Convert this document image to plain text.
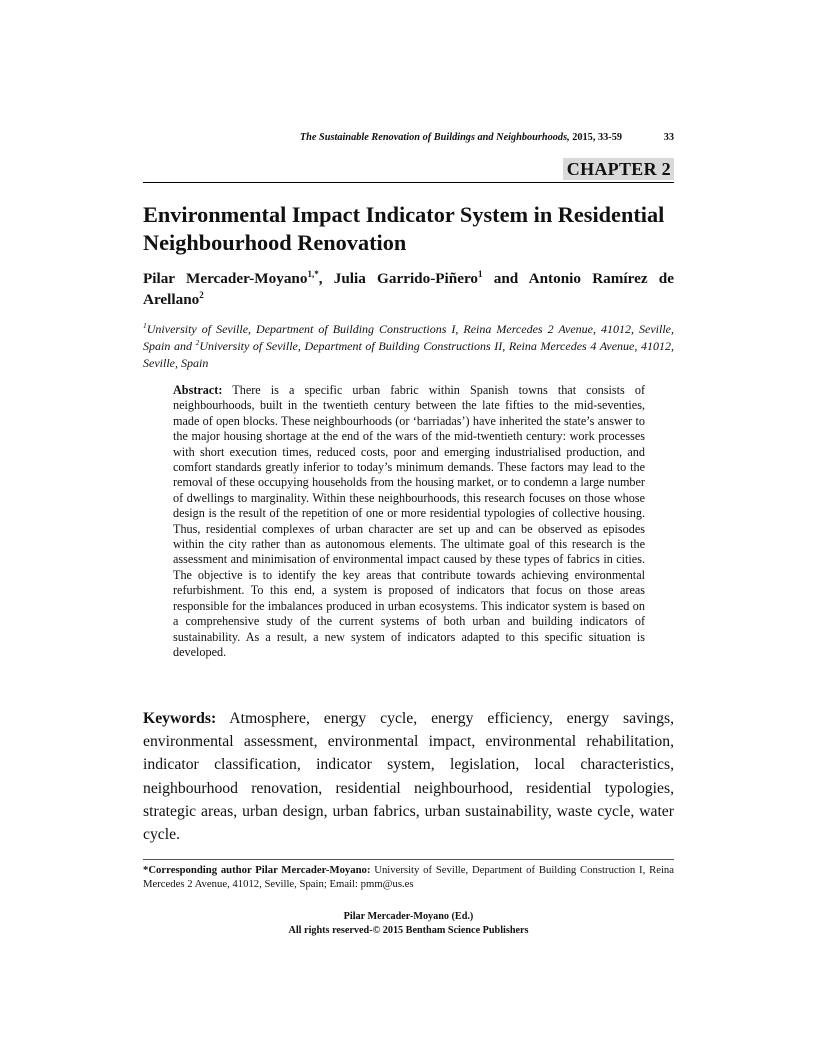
The Sustainable Renovation of Buildings and Neighbourhoods, 2015, 33-59	33
CHAPTER 2
Environmental Impact Indicator System in Residential Neighbourhood Renovation
Pilar Mercader-Moyano$^{1,*}$, Julia Garrido-Piñero$^1$ and Antonio Ramírez de Arellano$^2$
$^1$University of Seville, Department of Building Constructions I, Reina Mercedes 2 Avenue, 41012, Seville, Spain and $^2$University of Seville, Department of Building Constructions II, Reina Mercedes 4 Avenue, 41012, Seville, Spain
Abstract: There is a specific urban fabric within Spanish towns that consists of neighbourhoods, built in the twentieth century between the late fifties to the mid-seventies, made of open blocks. These neighbourhoods (or ‘barriadas’) have inherited the state’s answer to the major housing shortage at the end of the wars of the mid-twentieth century: work processes with short execution times, reduced costs, poor and emerging industrialised production, and comfort standards greatly inferior to today’s minimum demands. These factors may lead to the removal of these occupying households from the housing market, or to condemn a large number of dwellings to marginality. Within these neighbourhoods, this research focuses on those whose design is the result of the repetition of one or more residential typologies of collective housing. Thus, residential complexes of urban character are set up and can be observed as episodes within the city rather than as autonomous elements. The ultimate goal of this research is the assessment and minimisation of environmental impact caused by these types of fabrics in cities. The objective is to identify the key areas that contribute towards achieving environmental refurbishment. To this end, a system is proposed of indicators that focus on those areas responsible for the imbalances produced in urban ecosystems. This indicator system is based on a comprehensive study of the current systems of both urban and building indicators of sustainability. As a result, a new system of indicators adapted to this specific situation is developed.
Keywords: Atmosphere, energy cycle, energy efficiency, energy savings, environmental assessment, environmental impact, environmental rehabilitation, indicator classification, indicator system, legislation, local characteristics, neighbourhood renovation, residential neighbourhood, residential typologies, strategic areas, urban design, urban fabrics, urban sustainability, waste cycle, water cycle.
*Corresponding author Pilar Mercader-Moyano: University of Seville, Department of Building Construction I, Reina Mercedes 2 Avenue, 41012, Seville, Spain; Email: pmm@us.es
Pilar Mercader-Moyano (Ed.)
All rights reserved-© 2015 Bentham Science Publishers
